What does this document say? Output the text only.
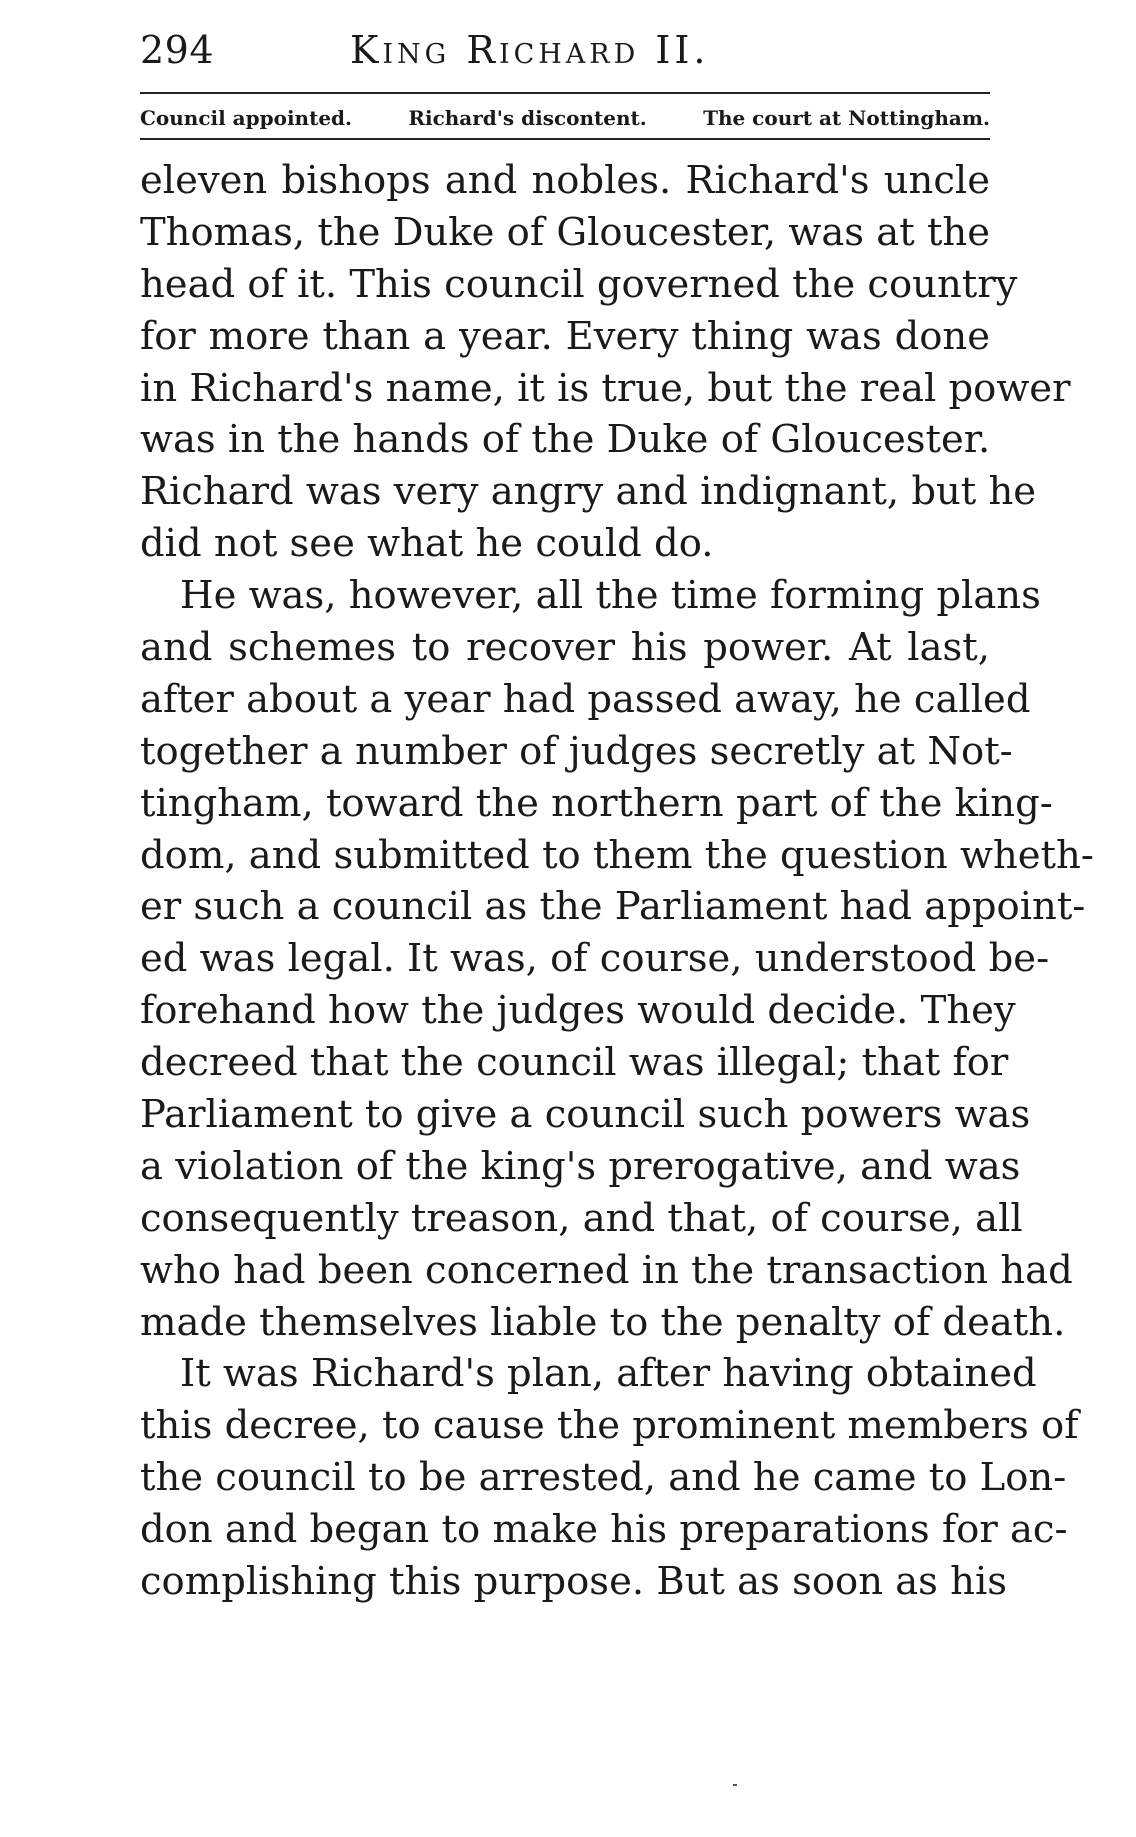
294	King Richard II.
Council appointed.	Richard's discontent.	The court at Nottingham.
eleven bishops and nobles. Richard's uncle
Thomas, the Duke of Gloucester, was at the
head of it. This council governed the country
for more than a year. Every thing was done
in Richard's name, it is true, but the real power
was in the hands of the Duke of Gloucester.
Richard was very angry and indignant, but he
did not see what he could do.
He was, however, all the time forming plans
and schemes to recover his power. At last,
after about a year had passed away, he called
together a number of judges secretly at Not-
tingham, toward the northern part of the king-
dom, and submitted to them the question wheth-
er such a council as the Parliament had appoint-
ed was legal. It was, of course, understood be-
forehand how the judges would decide. They
decreed that the council was illegal; that for
Parliament to give a council such powers was
a violation of the king's prerogative, and was
consequently treason, and that, of course, all
who had been concerned in the transaction had
made themselves liable to the penalty of death.
It was Richard's plan, after having obtained
this decree, to cause the prominent members of
the council to be arrested, and he came to Lon-
don and began to make his preparations for ac-
complishing this purpose. But as soon as his
